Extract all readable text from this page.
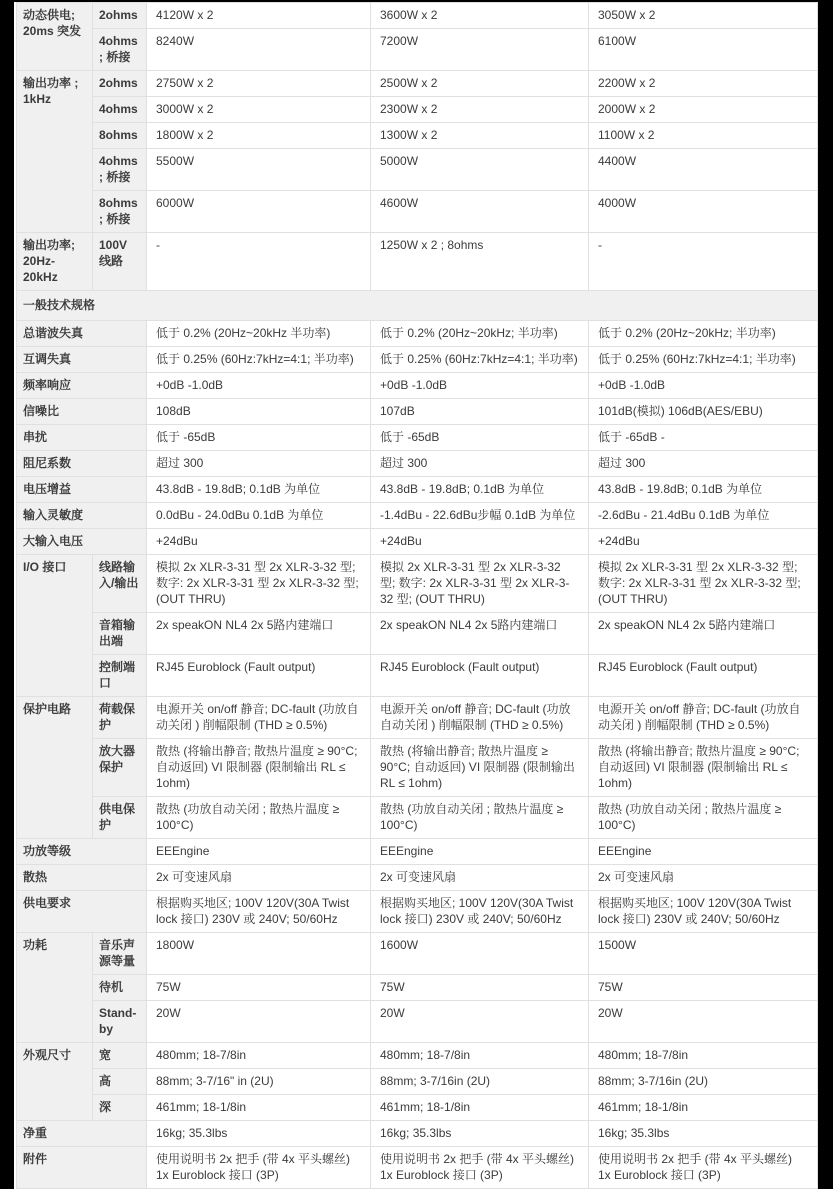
动态供电; 20ms 突发	2ohms	4120W x 2	3600W x 2	3050W x 2
	4ohms; 桥接	8240W	7200W	6100W
输出功率 ; 1kHz	2ohms	2750W x 2	2500W x 2	2200W x 2
	4ohms	3000W x 2	2300W x 2	2000W x 2
	8ohms	1800W x 2	1300W x 2	1100W x 2
	4ohms; 桥接	5500W	5000W	4400W
	8ohms; 桥接	6000W	4600W	4000W
输出功率; 20Hz-20kHz	100V 线路	-	1250W x 2 ; 8ohms	-
一般技术规格				
总谐波失真		低于 0.2% (20Hz~20kHz 半功率)	低于 0.2% (20Hz~20kHz; 半功率)	低于 0.2% (20Hz~20kHz; 半功率)
互调失真		低于 0.25% (60Hz:7kHz=4:1; 半功率)	低于 0.25% (60Hz:7kHz=4:1; 半功率)	低于 0.25% (60Hz:7kHz=4:1; 半功率)
频率响应		+0dB -1.0dB	+0dB -1.0dB	+0dB -1.0dB
信噪比		108dB	107dB	101dB(模拟) 106dB(AES/EBU)
串扰		低于 -65dB	低于 -65dB	低于 -65dB -
阻尼系数		超过 300	超过 300	超过 300
电压增益		43.8dB - 19.8dB; 0.1dB 为单位	43.8dB - 19.8dB; 0.1dB 为单位	43.8dB - 19.8dB; 0.1dB 为单位
输入灵敏度		0.0dBu - 24.0dBu 0.1dB 为单位	-1.4dBu - 22.6dBu步幅 0.1dB 为单位	-2.6dBu - 21.4dBu 0.1dB 为单位
大输入电压		+24dBu	+24dBu	+24dBu
I/O 接口	线路输入/输出	模拟 2x XLR-3-31 型 2x XLR-3-32 型; 数字: 2x XLR-3-31 型 2x XLR-3-32 型; (OUT THRU)	模拟 2x XLR-3-31 型 2x XLR-3-32 型; 数字: 2x XLR-3-31 型 2x XLR-3-32 型; (OUT THRU)	模拟 2x XLR-3-31 型 2x XLR-3-32 型; 数字: 2x XLR-3-31 型 2x XLR-3-32 型; (OUT THRU)
	音箱输出端	2x speakON NL4 2x 5路内建端口	2x speakON NL4 2x 5路内建端口	2x speakON NL4 2x 5路内建端口
	控制端口	RJ45 Euroblock (Fault output)	RJ45 Euroblock (Fault output)	RJ45 Euroblock (Fault output)
保护电路	荷载保护	电源开关 on/off 静音; DC-fault (功放自动关闭 ) 削幅限制 (THD ≥ 0.5%)	电源开关 on/off 静音; DC-fault (功放自动关闭 ) 削幅限制 (THD ≥ 0.5%)	电源开关 on/off 静音; DC-fault (功放自动关闭 ) 削幅限制 (THD ≥ 0.5%)
	放大器保护	散热 (将输出静音; 散热片温度 ≥ 90°C; 自动返回) VI 限制器 (限制输出 RL ≤ 1ohm)	散热 (将输出静音; 散热片温度 ≥ 90°C; 自动返回) VI 限制器 (限制输出 RL ≤ 1ohm)	散热 (将输出静音; 散热片温度 ≥ 90°C; 自动返回) VI 限制器 (限制输出 RL ≤ 1ohm)
	供电保护	散热 (功放自动关闭 ; 散热片温度 ≥ 100°C)	散热 (功放自动关闭 ; 散热片温度 ≥ 100°C)	散热 (功放自动关闭 ; 散热片温度 ≥ 100°C)
功放等级		EEEngine	EEEngine	EEEngine
散热		2x 可变速风扇	2x 可变速风扇	2x 可变速风扇
供电要求		根据购买地区; 100V 120V(30A Twist lock 接口) 230V 或 240V; 50/60Hz	根据购买地区; 100V 120V(30A Twist lock 接口) 230V 或 240V; 50/60Hz	根据购买地区; 100V 120V(30A Twist lock 接口) 230V 或 240V; 50/60Hz
功耗	音乐声源等量	1800W	1600W	1500W
	待机	75W	75W	75W
	Stand-by	20W	20W	20W
外观尺寸	宽	480mm; 18-7/8in	480mm; 18-7/8in	480mm; 18-7/8in
	高	88mm; 3-7/16" in (2U)	88mm; 3-7/16in (2U)	88mm; 3-7/16in (2U)
	深	461mm; 18-1/8in	461mm; 18-1/8in	461mm; 18-1/8in
净重		16kg; 35.3lbs	16kg; 35.3lbs	16kg; 35.3lbs
附件		使用说明书 2x 把手 (带 4x 平头螺丝) 1x Euroblock 接口 (3P)	使用说明书 2x 把手 (带 4x 平头螺丝) 1x Euroblock 接口 (3P)	使用说明书 2x 把手 (带 4x 平头螺丝) 1x Euroblock 接口 (3P)
